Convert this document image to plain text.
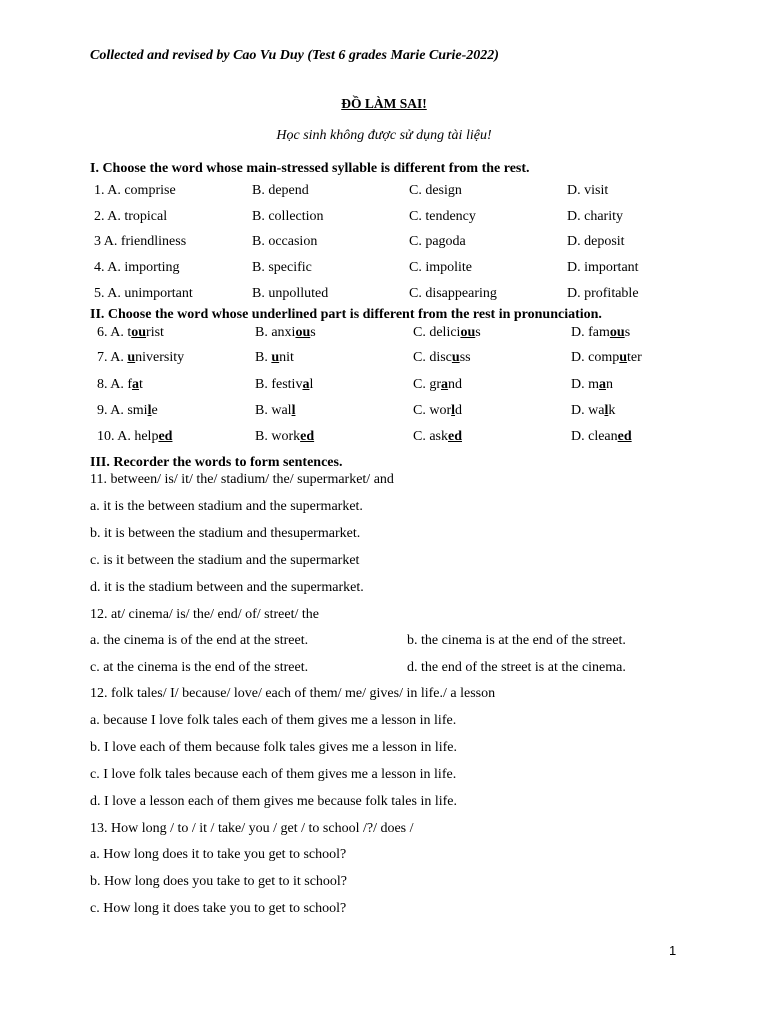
Collected and revised by Cao Vu Duy (Test 6 grades Marie Curie-2022)
ĐỒ LÀM SAI!
Học sinh không được sử dụng tài liệu!
I. Choose the word whose main-stressed syllable is different from the rest.
1. A. comprise	B. depend	C. design	D. visit
2. A. tropical	B. collection	C. tendency	D. charity
3 A. friendliness	B. occasion	C. pagoda	D. deposit
4. A. importing	B. specific	C. impolite	D. important
5. A. unimportant	B. unpolluted	C. disappearing	D. profitable
II. Choose the word whose underlined part is different from the rest in pronunciation.
6. A. tourist	B. anxious	C. delicious	D. famous
7. A. university	B. unit	C. discuss	D. computer
8. A. fat	B. festival	C. grand	D. man
9. A. smile	B. wall	C. world	D. walk
10. A. helped	B. worked	C. asked	D. cleaned
III. Recorder the words to form sentences.
11. between/ is/ it/ the/ stadium/ the/ supermarket/ and
a. it is the between stadium and the supermarket.
b. it is between the stadium and thesupermarket.
c. is it between the stadium and the supermarket
d. it is the stadium between and the supermarket.
12. at/ cinema/ is/ the/ end/ of/ street/ the
a. the cinema is of the end at the street.	b. the cinema is at the end of the street.
c. at the cinema is the end of the street.	d. the end of the street is at the cinema.
12. folk tales/ I/ because/ love/ each of them/ me/ gives/ in life./ a lesson
a. because I love folk tales each of them gives me a lesson in life.
b. I love each of them because folk tales gives me a lesson in life.
c. I love folk tales because each of them gives me a lesson in life.
d. I love a lesson each of them gives me because folk tales in life.
13. How long / to / it / take/ you / get / to school /?/ does /
a. How long does it to take you get to school?
b. How long does you take to get to it school?
c. How long it does take you to get to school?
1
